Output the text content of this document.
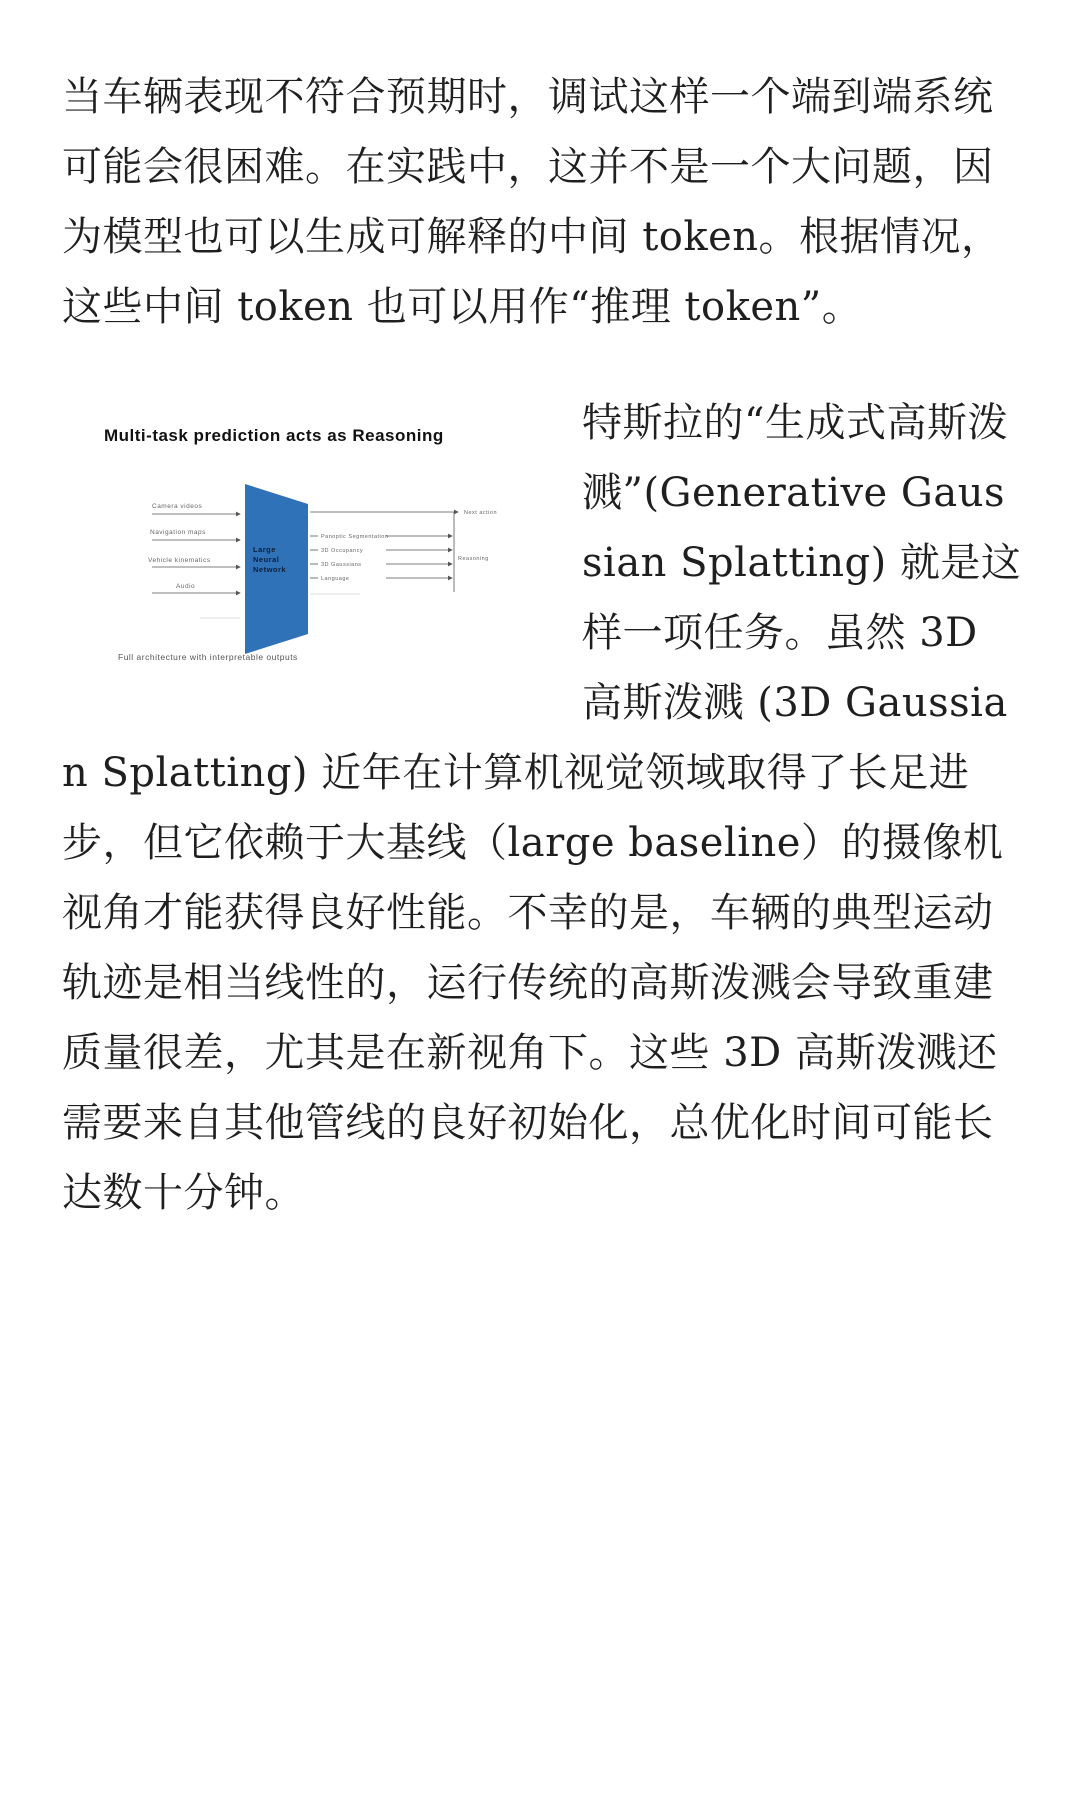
当车辆表现不符合预期时，调试这样一个端到端系统可能会很困难。在实践中，这并不是一个大问题，因为模型也可以生成可解释的中间 token。根据情况，这些中间 token 也可以用作“推理 token”。

Multi-task prediction acts as Reasoning
Camera videos
Navigation maps
Vehicle kinematics
Audio
Large
Neural
Network
Panoptic Segmentation
3D Occupancy
3D Gaussians
Language
Next action
Reasoning
Full architecture with interpretable outputs
特斯拉的“生成式高斯泼溅”(Generative Gaussian Splatting) 就是这样一项任务。虽然 3D 高斯泼溅 (3D Gaussian Splatting) 近年在计算机视觉领域取得了长足进步，但它依赖于大基线（large baseline）的摄像机视角才能获得良好性能。不幸的是，车辆的典型运动轨迹是相当线性的，运行传统的高斯泼溅会导致重建质量很差，尤其是在新视角下。这些 3D 高斯泼溅还需要来自其他管线的良好初始化，总优化时间可能长达数十分钟。
